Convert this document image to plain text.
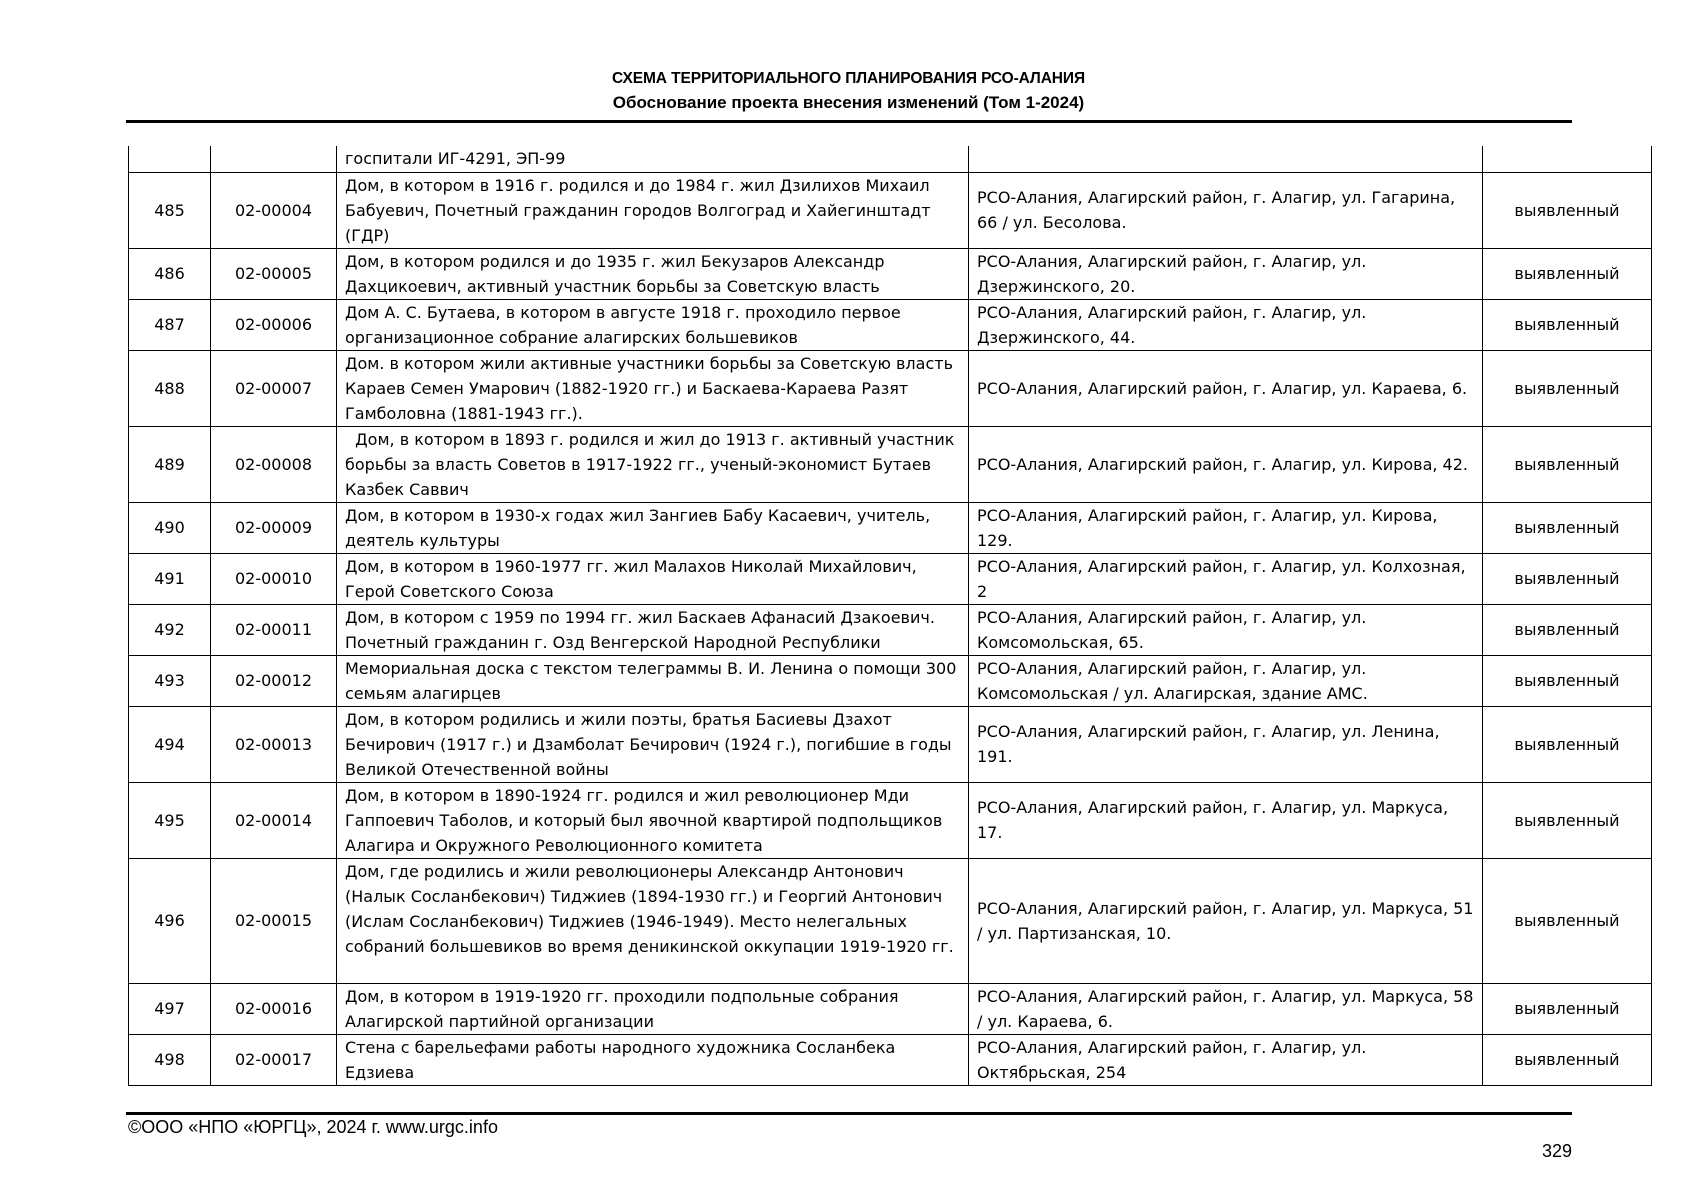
СХЕМА ТЕРРИТОРИАЛЬНОГО ПЛАНИРОВАНИЯ РСО-АЛАНИЯ
Обоснование проекта внесения изменений (Том 1-2024)
		госпитали ИГ-4291, ЭП-99		
485	02-00004	Дом, в котором в 1916 г. родился и до 1984 г. жил Дзилихов Михаил Бабуевич, Почетный гражданин городов Волгоград и Хайегинштадт (ГДР)	РСО-Алания, Алагирский район, г. Алагир, ул. Гагарина, 66 / ул. Бесолова.	выявленный
486	02-00005	Дом, в котором родился и до 1935 г. жил Бекузаров Александр Дахцикоевич, активный участник борьбы за Советскую власть	РСО-Алания, Алагирский район, г. Алагир, ул. Дзержинского, 20.	выявленный
487	02-00006	Дом А. С. Бутаева, в котором в августе 1918 г. проходило первое организационное собрание алагирских большевиков	РСО-Алания, Алагирский район, г. Алагир, ул. Дзержинского, 44.	выявленный
488	02-00007	Дом. в котором жили активные участники борьбы за Советскую власть Караев Семен Умарович (1882-1920 гг.) и Баскаева-Караева Разят Гамболовна (1881-1943 гг.).	РСО-Алания, Алагирский район, г. Алагир, ул. Караева, 6.	выявленный
489	02-00008	Дом, в котором в 1893 г. родился и жил до 1913 г. активный участник борьбы за власть Советов в 1917-1922 гг., ученый-экономист Бутаев Казбек Саввич	РСО-Алания, Алагирский район, г. Алагир, ул. Кирова, 42.	выявленный
490	02-00009	Дом, в котором в 1930-х годах жил Зангиев Бабу Касаевич, учитель, деятель культуры	РСО-Алания, Алагирский район, г. Алагир, ул. Кирова, 129.	выявленный
491	02-00010	Дом, в котором в 1960-1977 гг. жил Малахов Николай Михайлович, Герой Советского Союза	РСО-Алания, Алагирский район, г. Алагир, ул. Колхозная, 2	выявленный
492	02-00011	Дом, в котором с 1959 по 1994 гг. жил Баскаев Афанасий Дзакоевич. Почетный гражданин г. Озд Венгерской Народной Республики	РСО-Алания, Алагирский район, г. Алагир, ул. Комсомольская, 65.	выявленный
493	02-00012	Мемориальная доска с текстом телеграммы В. И. Ленина о помощи 300 семьям алагирцев	РСО-Алания, Алагирский район, г. Алагир, ул. Комсомольская / ул. Алагирская, здание АМС.	выявленный
494	02-00013	Дом, в котором родились и жили поэты, братья Басиевы Дзахот Бечирович (1917 г.) и Дзамболат Бечирович (1924 г.), погибшие в годы Великой Отечественной войны	РСО-Алания, Алагирский район, г. Алагир, ул. Ленина, 191.	выявленный
495	02-00014	Дом, в котором в 1890-1924 гг. родился и жил революционер Мди Гаппоевич Таболов, и который был явочной квартирой подпольщиков Алагира и Окружного Революционного комитета	РСО-Алания, Алагирский район, г. Алагир, ул. Маркуса, 17.	выявленный
496	02-00015	Дом, где родились и жили революционеры Александр Антонович (Налык Сосланбекович) Тиджиев (1894-1930 гг.) и Георгий Антонович (Ислам Сосланбекович) Тиджиев (1946-1949). Место нелегальных собраний большевиков во время деникинской оккупации 1919-1920 гг.	РСО-Алания, Алагирский район, г. Алагир, ул. Маркуса, 51 / ул. Партизанская, 10.	выявленный
497	02-00016	Дом, в котором в 1919-1920 гг. проходили подпольные собрания Алагирской партийной организации	РСО-Алания, Алагирский район, г. Алагир, ул. Маркуса, 58 / ул. Караева, 6.	выявленный
498	02-00017	Стена с барельефами работы народного художника Сосланбека Едзиева	РСО-Алания, Алагирский район, г. Алагир, ул. Октябрьская, 254	выявленный
©ООО «НПО «ЮРГЦ», 2024 г. www.urgc.info
329
